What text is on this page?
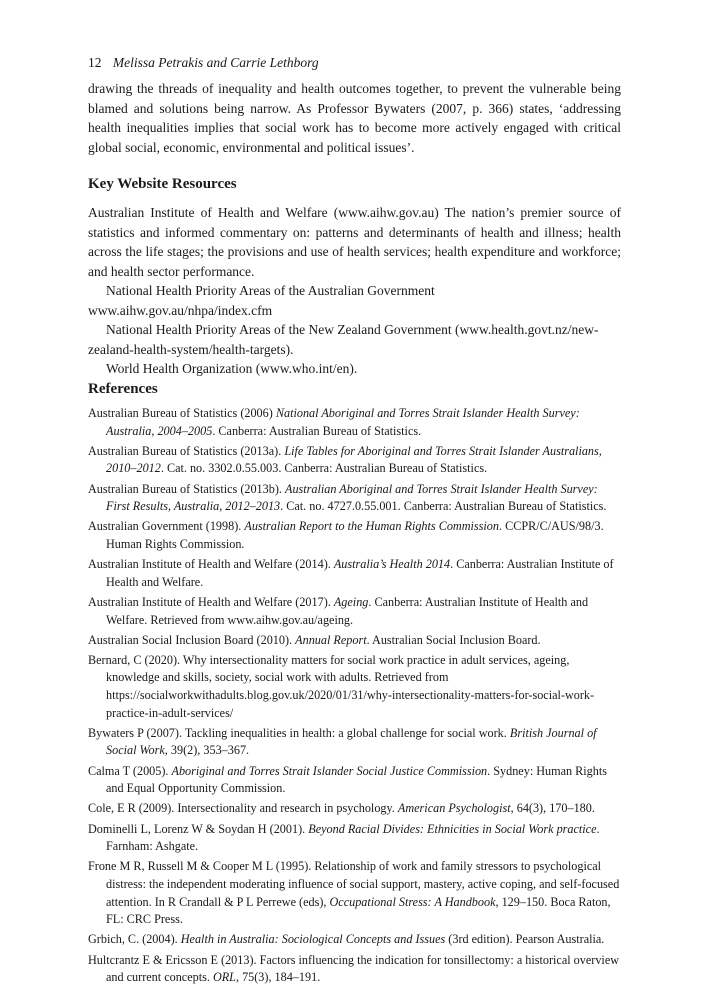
12 Melissa Petrakis and Carrie Lethborg

drawing the threads of inequality and health outcomes together, to prevent the vulnerable being blamed and solutions being narrow. As Professor Bywaters (2007, p. 366) states, ‘addressing health inequalities implies that social work has to become more actively engaged with critical global social, economic, environmental and political issues’.

Key Website Resources

Australian Institute of Health and Welfare (www.aihw.gov.au) The nation’s premier source of statistics and informed commentary on: patterns and determinants of health and illness; health across the life stages; the provisions and use of health services; health expenditure and workforce; and health sector performance.

National Health Priority Areas of the Australian Government www.aihw.gov.au/nhpa/index.cfm

National Health Priority Areas of the New Zealand Government (www.health.govt.nz/new-zealand-health-system/health-targets).

World Health Organization (www.who.int/en).

References
Australian Bureau of Statistics (2006) National Aboriginal and Torres Strait Islander Health Survey: Australia, 2004–2005. Canberra: Australian Bureau of Statistics.
Australian Bureau of Statistics (2013a). Life Tables for Aboriginal and Torres Strait Islander Australians, 2010–2012. Cat. no. 3302.0.55.003. Canberra: Australian Bureau of Statistics.
Australian Bureau of Statistics (2013b). Australian Aboriginal and Torres Strait Islander Health Survey: First Results, Australia, 2012–2013. Cat. no. 4727.0.55.001. Canberra: Australian Bureau of Statistics.
Australian Government (1998). Australian Report to the Human Rights Commission. CCPR/C/AUS/98/3. Human Rights Commission.
Australian Institute of Health and Welfare (2014). Australia’s Health 2014. Canberra: Australian Institute of Health and Welfare.
Australian Institute of Health and Welfare (2017). Ageing. Canberra: Australian Institute of Health and Welfare. Retrieved from www.aihw.gov.au/ageing.
Australian Social Inclusion Board (2010). Annual Report. Australian Social Inclusion Board.
Bernard, C (2020). Why intersectionality matters for social work practice in adult services, ageing, knowledge and skills, society, social work with adults. Retrieved from https://socialworkwithadults.blog.gov.uk/2020/01/31/why-intersectionality-matters-for-social-work-practice-in-adult-services/
Bywaters P (2007). Tackling inequalities in health: a global challenge for social work. British Journal of Social Work, 39(2), 353–367.
Calma T (2005). Aboriginal and Torres Strait Islander Social Justice Commission. Sydney: Human Rights and Equal Opportunity Commission.
Cole, E R (2009). Intersectionality and research in psychology. American Psychologist, 64(3), 170–180.
Dominelli L, Lorenz W & Soydan H (2001). Beyond Racial Divides: Ethnicities in Social Work practice. Farnham: Ashgate.
Frone M R, Russell M & Cooper M L (1995). Relationship of work and family stressors to psychological distress: the independent moderating influence of social support, mastery, active coping, and self-focused attention. In R Crandall & P L Perrewe (eds), Occupational Stress: A Handbook, 129–150. Boca Raton, FL: CRC Press.
Grbich, C. (2004). Health in Australia: Sociological Concepts and Issues (3rd edition). Pearson Australia.
Hultcrantz E & Ericsson E (2013). Factors influencing the indication for tonsillectomy: a historical overview and current concepts. ORL, 75(3), 184–191.
